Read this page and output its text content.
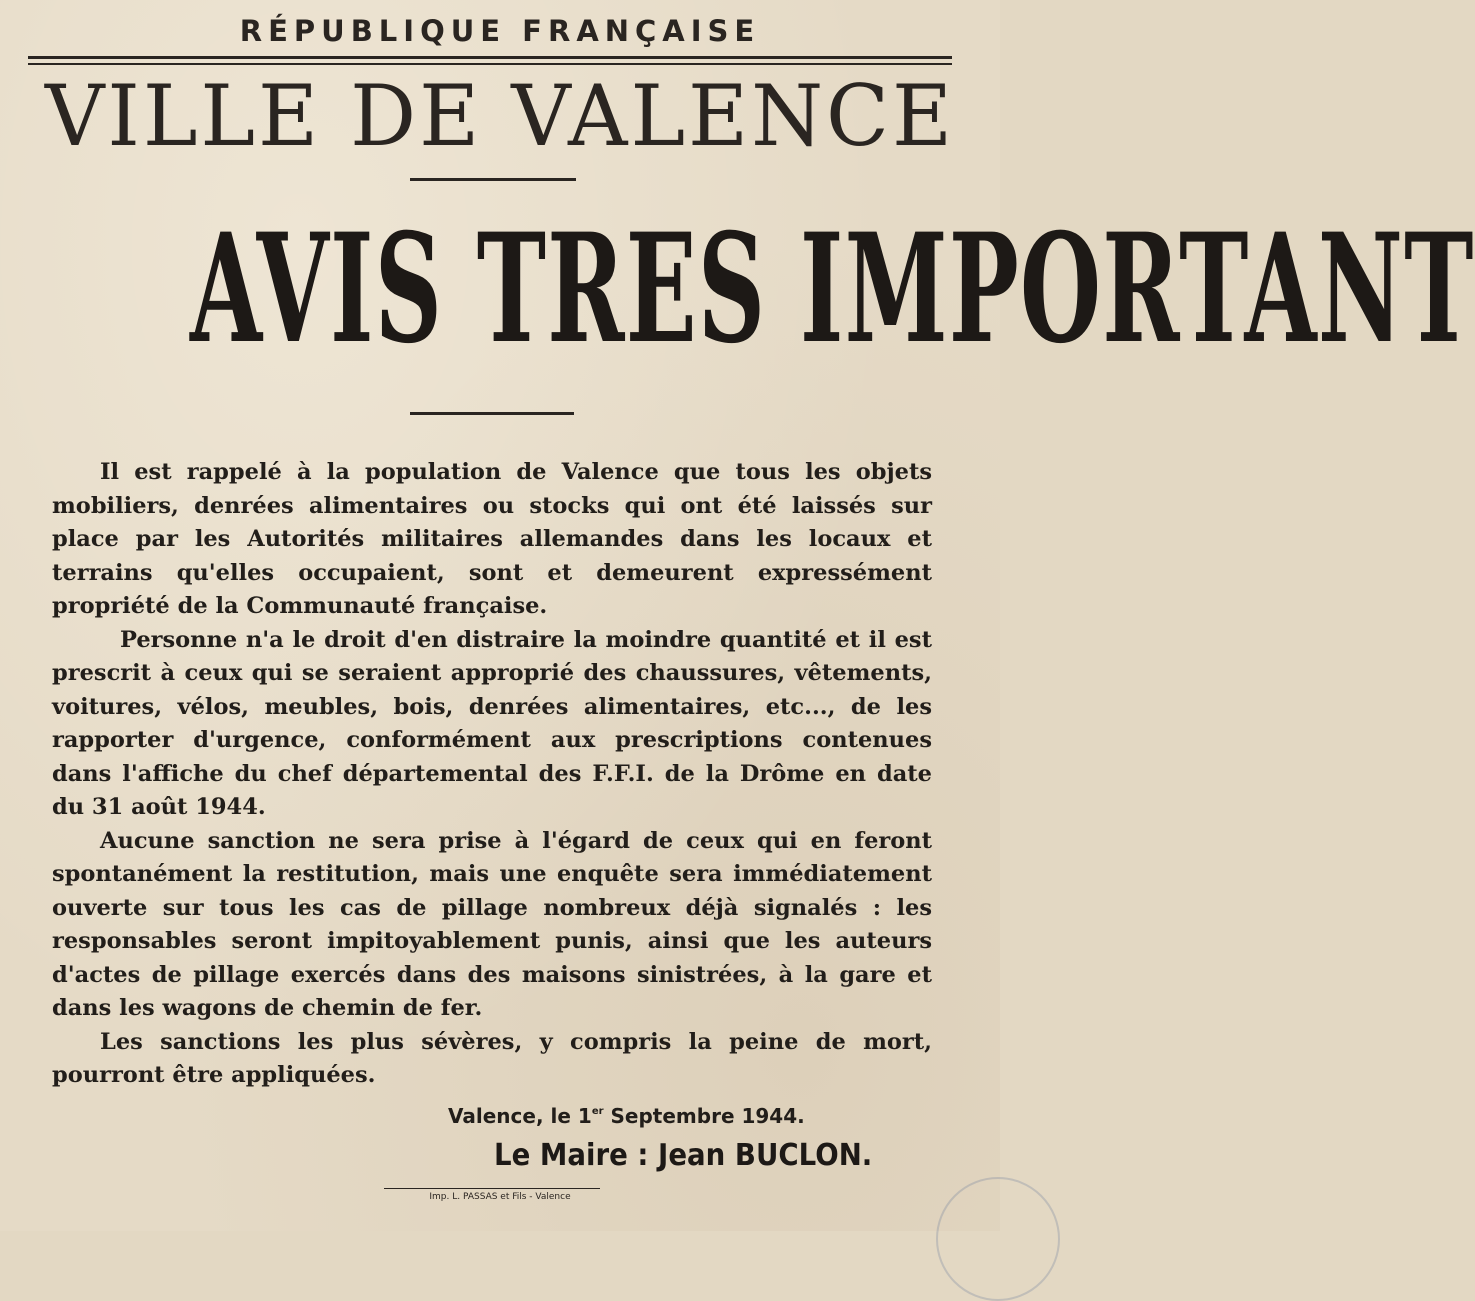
RÉPUBLIQUE FRANÇAISE
VILLE DE VALENCE
AVIS TRES IMPORTANT

Il est rappelé à la population de Valence que tous les objets mobiliers, denrées alimentaires ou stocks qui ont été laissés sur place par les Autorités militaires allemandes dans les locaux et terrains qu'elles occupaient, sont et demeurent expressément propriété de la Communauté française.

Personne n'a le droit d'en distraire la moindre quantité et il est prescrit à ceux qui se seraient approprié des chaussures, vêtements, voitures, vélos, meubles, bois, denrées alimentaires, etc..., de les rapporter d'urgence, conformément aux prescriptions contenues dans l'affiche du chef départemental des F.F.I. de la Drôme en date du 31 août 1944.

Aucune sanction ne sera prise à l'égard de ceux qui en feront spontanément la restitution, mais une enquête sera immédiatement ouverte sur tous les cas de pillage nombreux déjà signalés : les responsables seront impitoyablement punis, ainsi que les auteurs d'actes de pillage exercés dans des maisons sinistrées, à la gare et dans les wagons de chemin de fer.

Les sanctions les plus sévères, y compris la peine de mort, pourront être appliquées.

Valence, le 1er Septembre 1944.
Le Maire : Jean BUCLON.
Imp. L. PASSAS et Fils - Valence
